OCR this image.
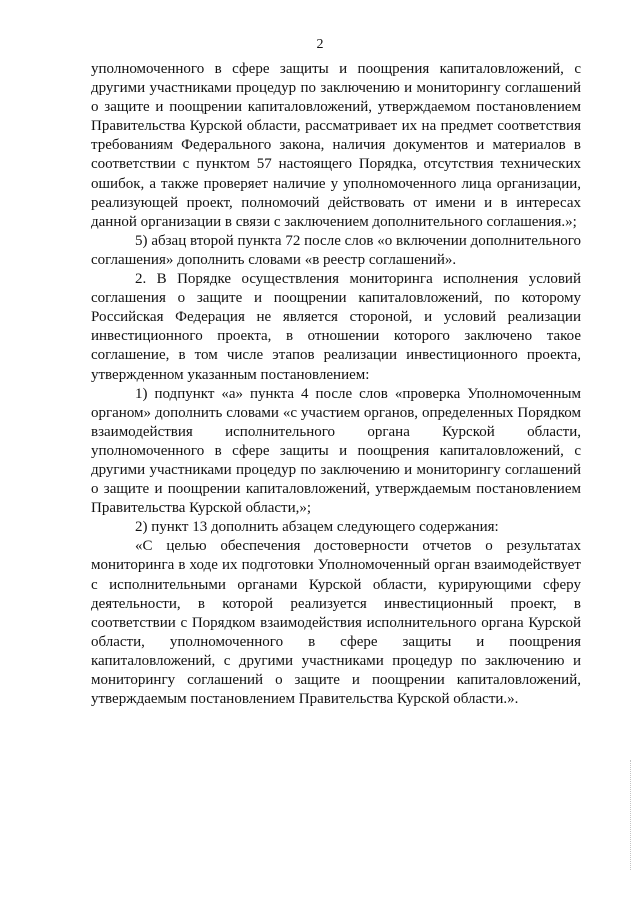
2

уполномоченного в сфере защиты и поощрения капиталовложений, с другими участниками процедур по заключению и мониторингу соглашений о защите и поощрении капиталовложений, утверждаемом постановлением Правительства Курской области, рассматривает их на предмет соответствия требованиям Федерального закона, наличия документов и материалов в соответствии с пунктом 57 настоящего Порядка, отсутствия технических ошибок, а также проверяет наличие у уполномоченного лица организации, реализующей проект, полномочий действовать от имени и в интересах данной организации в связи с заключением дополнительного соглашения.»;

5) абзац второй пункта 72 после слов «о включении дополнительного соглашения» дополнить словами «в реестр соглашений».

2. В Порядке осуществления мониторинга исполнения условий соглашения о защите и поощрении капиталовложений, по которому Российская Федерация не является стороной, и условий реализации инвестиционного проекта, в отношении которого заключено такое соглашение, в том числе этапов реализации инвестиционного проекта, утвержденном указанным постановлением:

1) подпункт «а» пункта 4 после слов «проверка Уполномоченным органом» дополнить словами «с участием органов, определенных Порядком взаимодействия исполнительного органа Курской области, уполномоченного в сфере защиты и поощрения капиталовложений, с другими участниками процедур по заключению и мониторингу соглашений о защите и поощрении капиталовложений, утверждаемым постановлением Правительства Курской области,»;

2) пункт 13 дополнить абзацем следующего содержания:

«С целью обеспечения достоверности отчетов о результатах мониторинга в ходе их подготовки Уполномоченный орган взаимодействует с исполнительными органами Курской области, курирующими сферу деятельности, в которой реализуется инвестиционный проект, в соответствии с Порядком взаимодействия исполнительного органа Курской области, уполномоченного в сфере защиты и поощрения капиталовложений, с другими участниками процедур по заключению и мониторингу соглашений о защите и поощрении капиталовложений, утверждаемым постановлением Правительства Курской области.».
